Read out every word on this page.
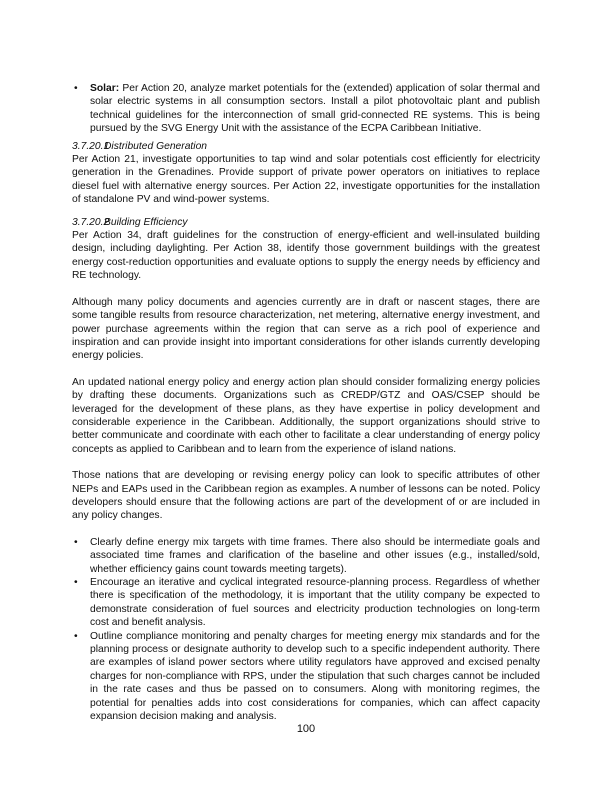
• Solar: Per Action 20, analyze market potentials for the (extended) application of solar thermal and solar electric systems in all consumption sectors. Install a pilot photovoltaic plant and publish technical guidelines for the interconnection of small grid-connected RE systems. This is being pursued by the SVG Energy Unit with the assistance of the ECPA Caribbean Initiative.
3.7.20.1Distributed Generation

Per Action 21, investigate opportunities to tap wind and solar potentials cost efficiently for electricity generation in the Grenadines. Provide support of private power operators on initiatives to replace diesel fuel with alternative energy sources. Per Action 22, investigate opportunities for the installation of standalone PV and wind-power systems.

3.7.20.2Building Efficiency

Per Action 34, draft guidelines for the construction of energy-efficient and well-insulated building design, including daylighting. Per Action 38, identify those government buildings with the greatest energy cost-reduction opportunities and evaluate options to supply the energy needs by efficiency and RE technology.

Although many policy documents and agencies currently are in draft or nascent stages, there are some tangible results from resource characterization, net metering, alternative energy investment, and power purchase agreements within the region that can serve as a rich pool of experience and inspiration and can provide insight into important considerations for other islands currently developing energy policies.

An updated national energy policy and energy action plan should consider formalizing energy policies by drafting these documents. Organizations such as CREDP/GTZ and OAS/CSEP should be leveraged for the development of these plans, as they have expertise in policy development and considerable experience in the Caribbean. Additionally, the support organizations should strive to better communicate and coordinate with each other to facilitate a clear understanding of energy policy concepts as applied to Caribbean and to learn from the experience of island nations.

Those nations that are developing or revising energy policy can look to specific attributes of other NEPs and EAPs used in the Caribbean region as examples. A number of lessons can be noted. Policy developers should ensure that the following actions are part of the development of or are included in any policy changes.

• Clearly define energy mix targets with time frames. There also should be intermediate goals and associated time frames and clarification of the baseline and other issues (e.g., installed/sold, whether efficiency gains count towards meeting targets).
• Encourage an iterative and cyclical integrated resource-planning process. Regardless of whether there is specification of the methodology, it is important that the utility company be expected to demonstrate consideration of fuel sources and electricity production technologies on long-term cost and benefit analysis.
• Outline compliance monitoring and penalty charges for meeting energy mix standards and for the planning process or designate authority to develop such to a specific independent authority. There are examples of island power sectors where utility regulators have approved and excised penalty charges for non-compliance with RPS, under the stipulation that such charges cannot be included in the rate cases and thus be passed on to consumers. Along with monitoring regimes, the potential for penalties adds into cost considerations for companies, which can affect capacity expansion decision making and analysis.
100
